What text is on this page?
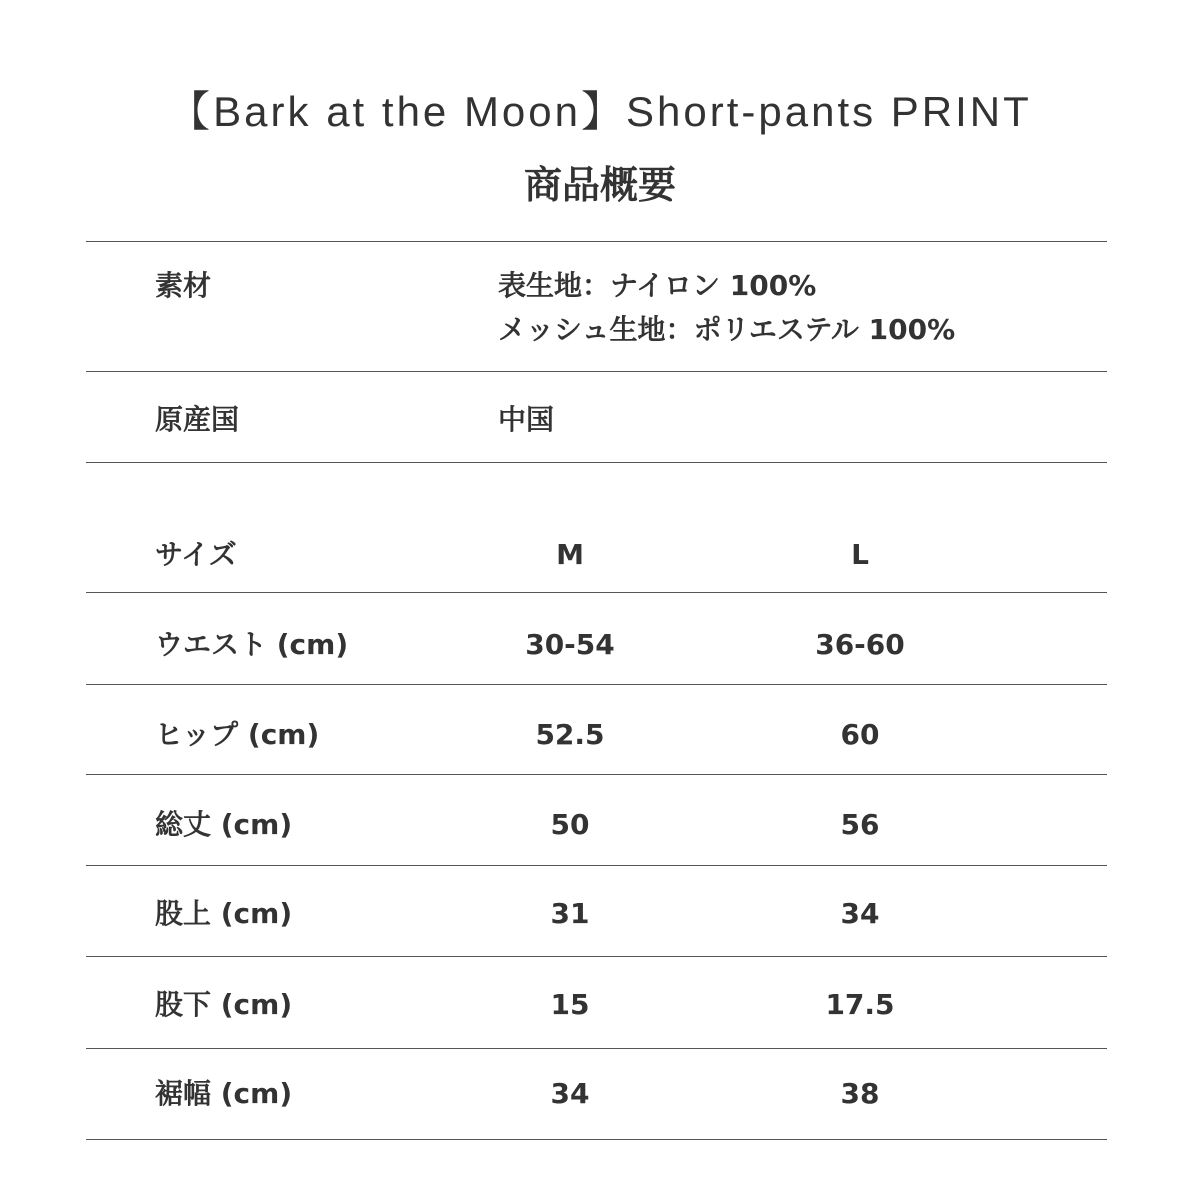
【Bark at the Moon】Short-pants PRINT
商品概要
素材	表生地：ナイロン 100%
メッシュ生地：ポリエステル 100%
原産国	中国
サイズ	M	L
ウエスト (cm)	30-54	36-60
ヒップ (cm)	52.5	60
総丈 (cm)	50	56
股上 (cm)	31	34
股下 (cm)	15	17.5
裾幅 (cm)	34	38
